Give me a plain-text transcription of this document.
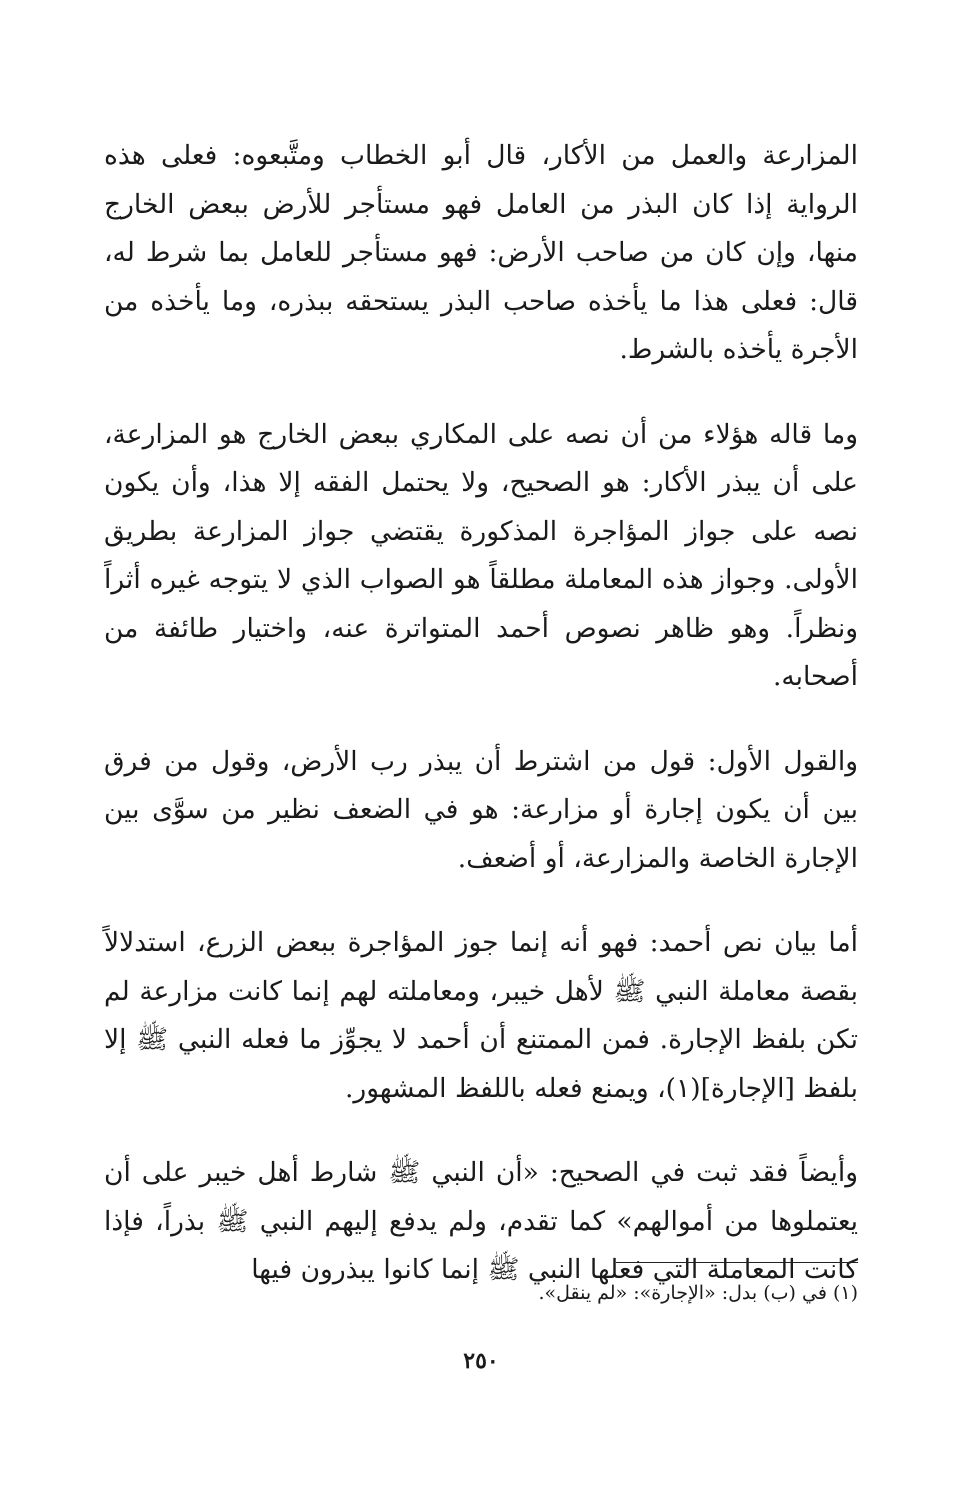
المزارعة والعمل من الأكار، قال أبو الخطاب ومتَّبعوه: فعلى هذه الرواية إذا كان البذر من العامل فهو مستأجر للأرض ببعض الخارج منها، وإن كان من صاحب الأرض: فهو مستأجر للعامل بما شرط له، قال: فعلى هذا ما يأخذه صاحب البذر يستحقه ببذره، وما يأخذه من الأجرة يأخذه بالشرط.

وما قاله هؤلاء من أن نصه على المكاري ببعض الخارج هو المزارعة، على أن يبذر الأكار: هو الصحيح، ولا يحتمل الفقه إلا هذا، وأن يكون نصه على جواز المؤاجرة المذكورة يقتضي جواز المزارعة بطريق الأولى. وجواز هذه المعاملة مطلقاً هو الصواب الذي لا يتوجه غيره أثراً ونظراً. وهو ظاهر نصوص أحمد المتواترة عنه، واختيار طائفة من أصحابه.

والقول الأول: قول من اشترط أن يبذر رب الأرض، وقول من فرق بين أن يكون إجارة أو مزارعة: هو في الضعف نظير من سوَّى بين الإجارة الخاصة والمزارعة، أو أضعف.

أما بيان نص أحمد: فهو أنه إنما جوز المؤاجرة ببعض الزرع، استدلالاً بقصة معاملة النبي ﷺ لأهل خيبر، ومعاملته لهم إنما كانت مزارعة لم تكن بلفظ الإجارة. فمن الممتنع أن أحمد لا يجوِّز ما فعله النبي ﷺ إلا بلفظ [الإجارة](١)، ويمنع فعله باللفظ المشهور.

وأيضاً فقد ثبت في الصحيح: «أن النبي ﷺ شارط أهل خيبر على أن يعتملوها من أموالهم» كما تقدم، ولم يدفع إليهم النبي ﷺ بذراً، فإذا كانت المعاملة التي فعلها النبي ﷺ إنما كانوا يبذرون فيها

(١) في (ب) بدل: «الإجارة»: «لم ينقل».

٢٥٠
